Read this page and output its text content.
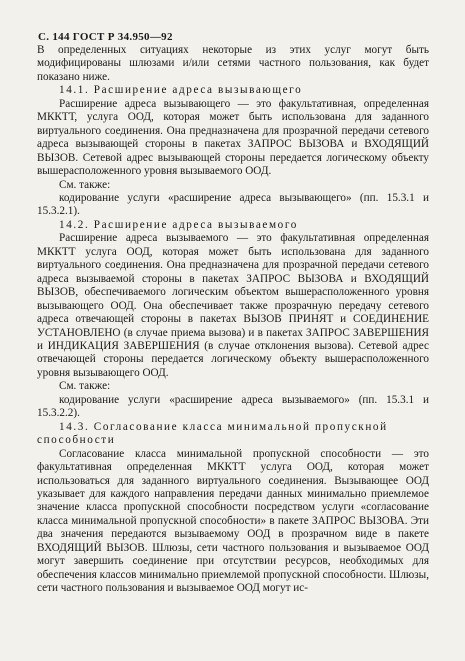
С. 144 ГОСТ Р 34.950—92

В определенных ситуациях некоторые из этих услуг могут быть модифицированы шлюзами и/или сетями частного пользования, как будет показано ниже.

14.1. Расширение адреса вызывающего

Расширение адреса вызывающего — это факультативная, определенная МККТТ, услуга ООД, которая может быть использована для заданного виртуального соединения. Она предназначена для прозрачной передачи сетевого адреса вызывающей стороны в пакетах ЗАПРОС ВЫЗОВА и ВХОДЯЩИЙ ВЫЗОВ. Сетевой адрес вызывающей стороны передается логическому объекту вышерасположенного уровня вызываемого ООД.

См. также:

кодирование услуги «расширение адреса вызывающего» (пп. 15.3.1 и 15.3.2.1).

14.2. Расширение адреса вызываемого

Расширение адреса вызываемого — это факультативная определенная МККТТ услуга ООД, которая может быть использована для заданного виртуального соединения. Она предназначена для прозрачной передачи сетевого адреса вызываемой стороны в пакетах ЗАПРОС ВЫЗОВА и ВХОДЯЩИЙ ВЫЗОВ, обеспечиваемого логическим объектом вышерасположенного уровня вызывающего ООД. Она обеспечивает также прозрачную передачу сетевого адреса отвечающей стороны в пакетах ВЫЗОВ ПРИНЯТ и СОЕДИНЕНИЕ УСТАНОВЛЕНО (в случае приема вызова) и в пакетах ЗАПРОС ЗАВЕРШЕНИЯ и ИНДИКАЦИЯ ЗАВЕРШЕНИЯ (в случае отклонения вызова). Сетевой адрес отвечающей стороны передается логическому объекту вышерасположенного уровня вызывающего ООД.

См. также:

кодирование услуги «расширение адреса вызываемого» (пп. 15.3.1 и 15.3.2.2).

14.3. Согласование класса минимальной пропускной способности

Согласование класса минимальной пропускной способности — это факультативная определенная МККТТ услуга ООД, которая может использоваться для заданного виртуального соединения. Вызывающее ООД указывает для каждого направления передачи данных минимально приемлемое значение класса пропускной способности посредством услуги «согласование класса минимальной пропускной способности» в пакете ЗАПРОС ВЫЗОВА. Эти два значения передаются вызываемому ООД в прозрачном виде в пакете ВХОДЯЩИЙ ВЫЗОВ. Шлюзы, сети частного пользования и вызываемое ООД могут завершить соединение при отсутствии ресурсов, необходимых для обеспечения классов минимально приемлемой пропускной способности. Шлюзы, сети частного пользования и вызываемое ООД могут ис-
